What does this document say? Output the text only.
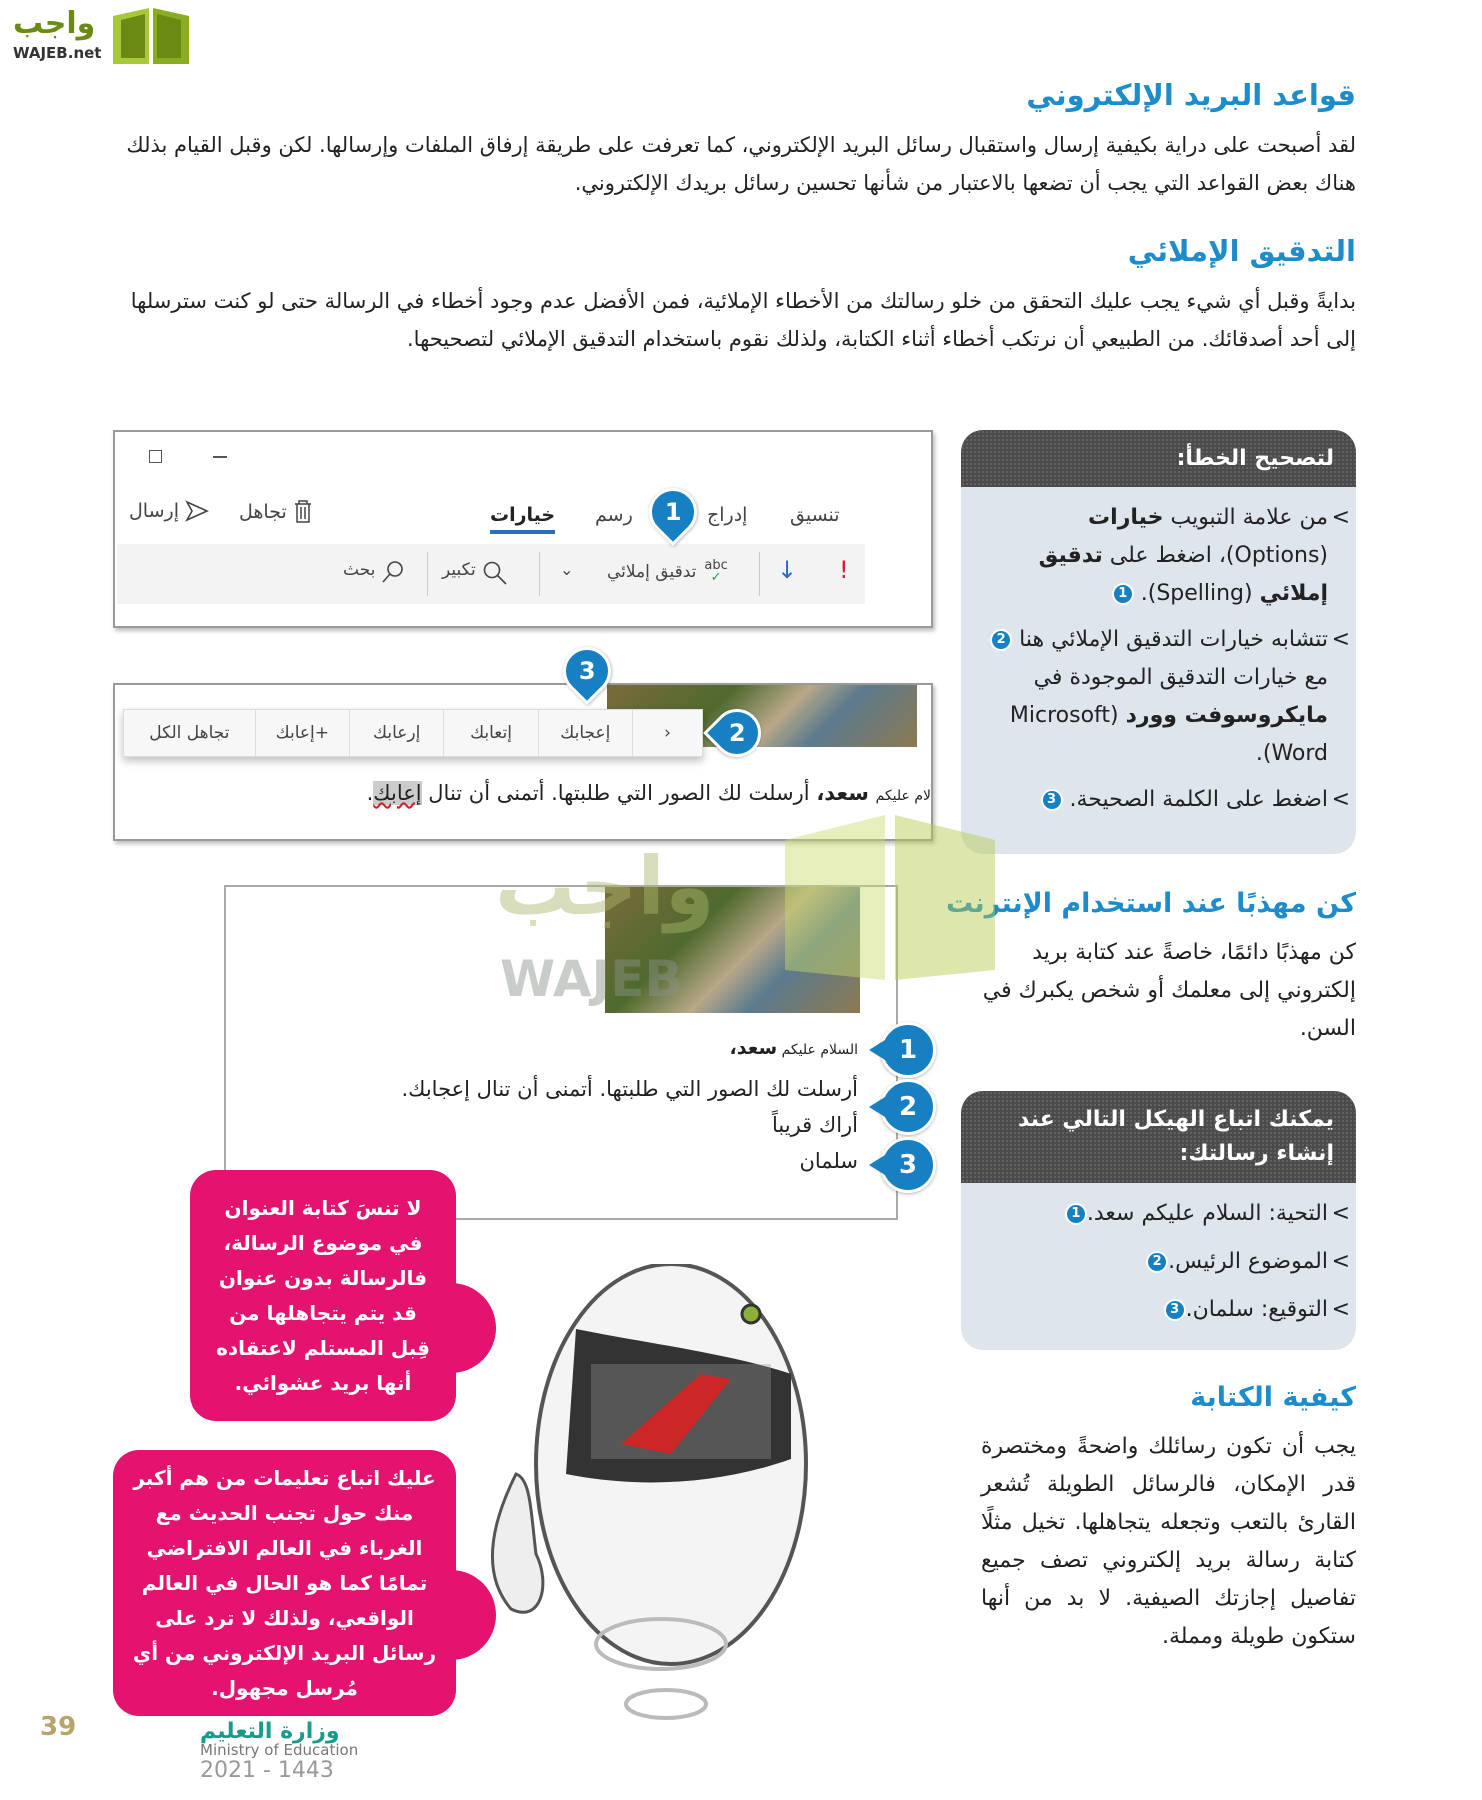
واجب
WAJEB.net
قواعد البريد الإلكتروني
لقد أصبحت على دراية بكيفية إرسال واستقبال رسائل البريد الإلكتروني، كما تعرفت على طريقة إرفاق الملفات وإرسالها. لكن وقبل القيام بذلك هناك بعض القواعد التي يجب أن تضعها بالاعتبار من شأنها تحسين رسائل بريدك الإلكتروني.
التدقيق الإملائي
بدايةً وقبل أي شيء يجب عليك التحقق من خلو رسالتك من الأخطاء الإملائية، فمن الأفضل عدم وجود أخطاء في الرسالة حتى لو كنت سترسلها إلى أحد أصدقائك. من الطبيعي أن نرتكب أخطاء أثناء الكتابة، ولذلك نقوم باستخدام التدقيق الإملائي لتصحيحها.
إرسال	تجاهل	خيارات رسم	إدراج تنسيق
بحث	تكبير	⌄	abc
✓
تدقيق إملائي	↓ !
1
‹
إعجابك
إتعابك
إرعابك
+إعابك
تجاهل الكل
لام عليكم سعد، أرسلت لك الصور التي طلبتها. أتمنى أن تنال إعابك.
3
2
لتصحيح الخطأ:
> من علامة التبويب خيارات (Options)، اضغط على تدقيق إملائي (Spelling). 1
> تتشابه خيارات التدقيق الإملائي هنا 2 مع خيارات التدقيق الموجودة في مايكروسوفت وورد (Microsoft Word).
> اضغط على الكلمة الصحيحة. 3
كن مهذبًا عند استخدام الإنترنت
كن مهذبًا دائمًا، خاصةً عند كتابة بريد إلكتروني إلى معلمك أو شخص يكبرك في السن.
يمكنك اتباع الهيكل التالي عند إنشاء رسالتك:
> التحية: السلام عليكم سعد.1
> الموضوع الرئيس.2
> التوقيع: سلمان.3
كيفية الكتابة
يجب أن تكون رسائلك واضحةً ومختصرة قدر الإمكان، فالرسائل الطويلة تُشعر القارئ بالتعب وتجعله يتجاهلها. تخيل مثلًا كتابة رسالة بريد إلكتروني تصف جميع تفاصيل إجازتك الصيفية. لا بد من أنها ستكون طويلة ومملة.
السلام عليكم سعد،
أرسلت لك الصور التي طلبتها. أتمنى أن تنال إعجابك.
أراك قريباً
سلمان
1
2
3
واجب
WAJEB
لا تنسَ كتابة العنوان في موضوع الرسالة، فالرسالة بدون عنوان قد يتم يتجاهلها من قِبل المستلم لاعتقاده أنها بريد عشوائي.
عليك اتباع تعليمات من هم أكبر منك حول تجنب الحديث مع الغرباء في العالم الافتراضي تمامًا كما هو الحال في العالم الواقعي، ولذلك لا ترد على رسائل البريد الإلكتروني من أي مُرسل مجهول.
وزارة التعليم
Ministry of Education
2021 - 1443
39
